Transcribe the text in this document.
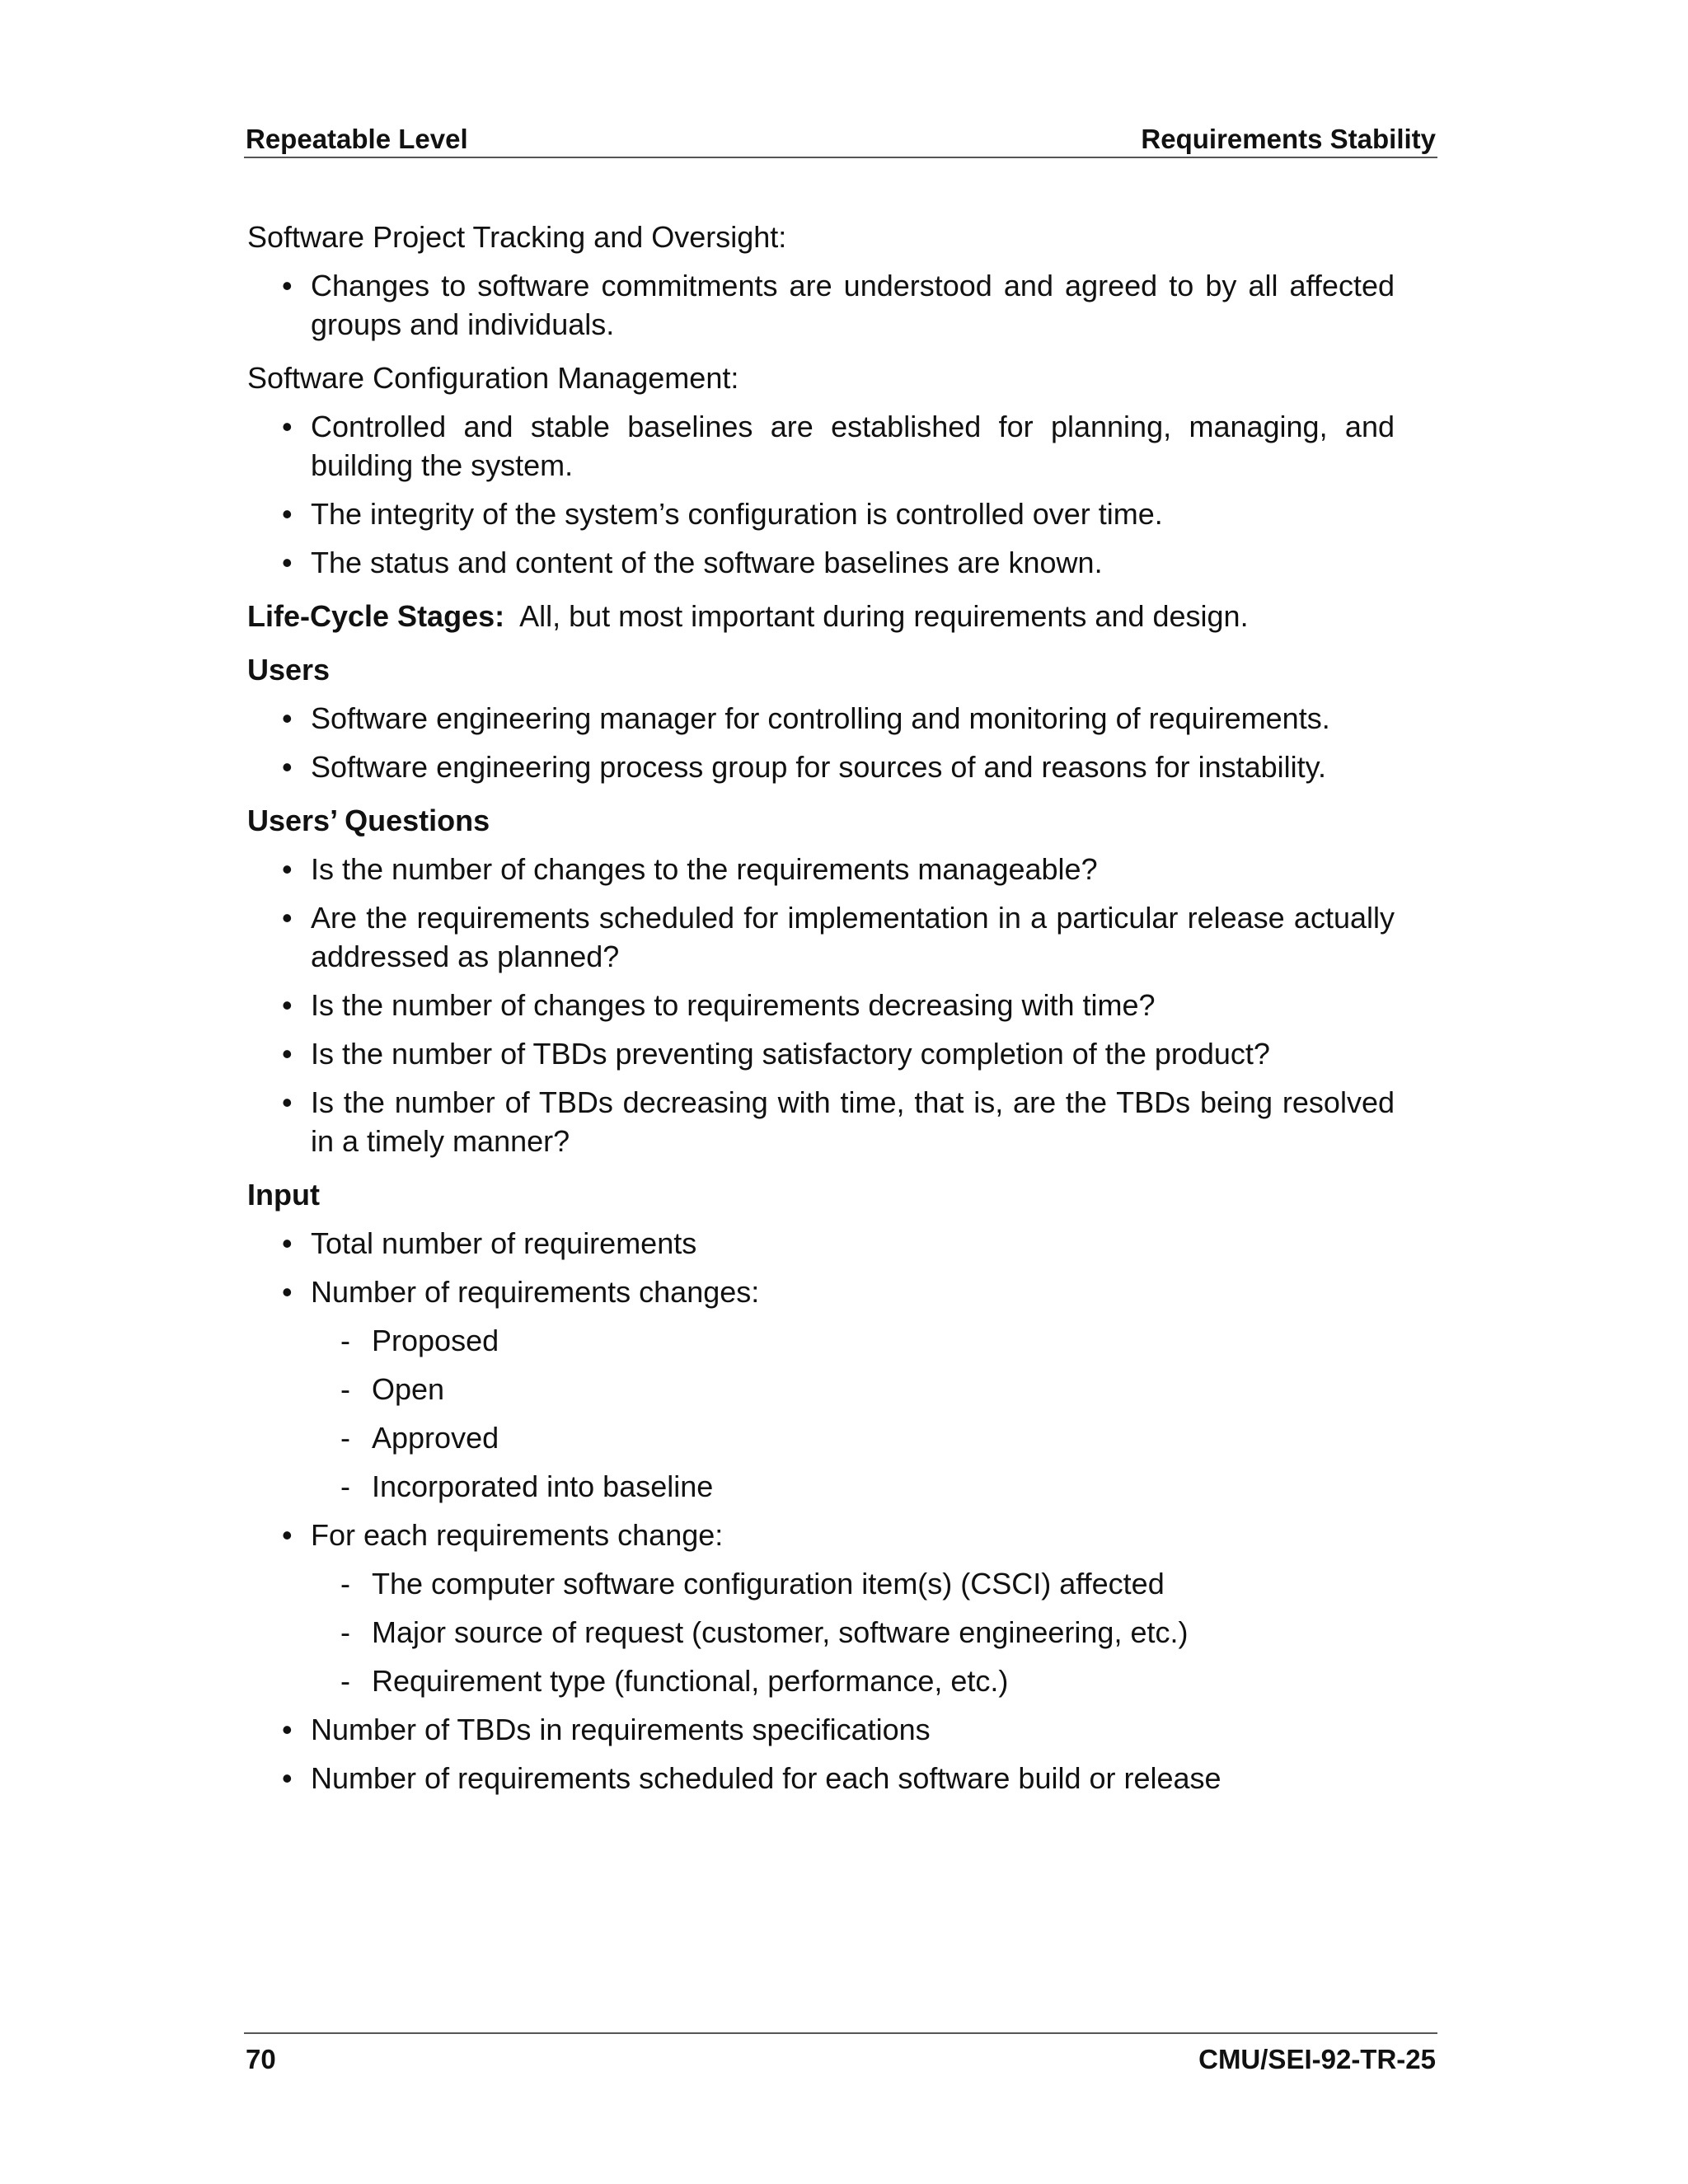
Repeatable Level	Requirements Stability

Software Project Tracking and Oversight:

• Changes to software commitments are understood and agreed to by all affected groups and individuals.

Software Configuration Management:

• Controlled and stable baselines are established for planning, managing, and building the system.
• The integrity of the system’s configuration is controlled over time.
• The status and content of the software baselines are known.

Life-Cycle Stages: All, but most important during requirements and design.

Users

• Software engineering manager for controlling and monitoring of requirements.
• Software engineering process group for sources of and reasons for instability.

Users’ Questions

• Is the number of changes to the requirements manageable?
• Are the requirements scheduled for implementation in a particular release actually addressed as planned?
• Is the number of changes to requirements decreasing with time?
• Is the number of TBDs preventing satisfactory completion of the product?
• Is the number of TBDs decreasing with time, that is, are the TBDs being resolved in a timely manner?

Input

• Total number of requirements
• Number of requirements changes:
- Proposed
- Open
- Approved
- Incorporated into baseline
• For each requirements change:
- The computer software configuration item(s) (CSCI) affected
- Major source of request (customer, software engineering, etc.)
- Requirement type (functional, performance, etc.)
• Number of TBDs in requirements specifications
• Number of requirements scheduled for each software build or release
70	CMU/SEI-92-TR-25
